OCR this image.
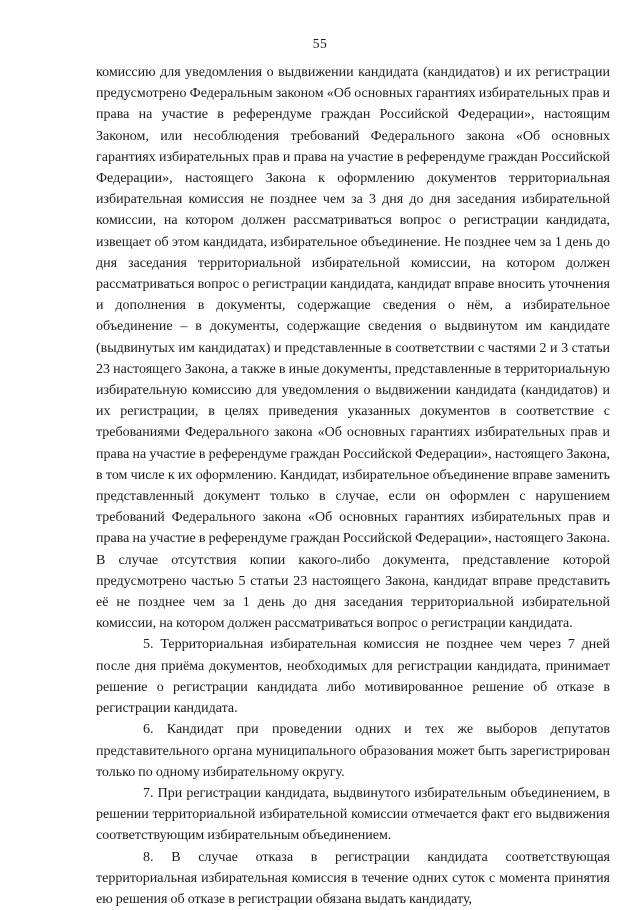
55

комиссию для уведомления о выдвижении кандидата (кандидатов) и их регистрации предусмотрено Федеральным законом «Об основных гарантиях избирательных прав и права на участие в референдуме граждан Российской Федерации», настоящим Законом, или несоблюдения требований Федерального закона «Об основных гарантиях избирательных прав и права на участие в референдуме граждан Российской Федерации», настоящего Закона к оформлению документов территориальная избирательная комиссия не позднее чем за 3 дня до дня заседания избирательной комиссии, на котором должен рассматриваться вопрос о регистрации кандидата, извещает об этом кандидата, избирательное объединение. Не позднее чем за 1 день до дня заседания территориальной избирательной комиссии, на котором должен рассматриваться вопрос о регистрации кандидата, кандидат вправе вносить уточнения и дополнения в документы, содержащие сведения о нём, а избирательное объединение – в документы, содержащие сведения о выдвинутом им кандидате (выдвинутых им кандидатах) и представленные в соответствии с частями 2 и 3 статьи 23 настоящего Закона, а также в иные документы, представленные в территориальную избирательную комиссию для уведомления о выдвижении кандидата (кандидатов) и их регистрации, в целях приведения указанных документов в соответствие с требованиями Федерального закона «Об основных гарантиях избирательных прав и права на участие в референдуме граждан Российской Федерации», настоящего Закона, в том числе к их оформлению. Кандидат, избирательное объединение вправе заменить представленный документ только в случае, если он оформлен с нарушением требований Федерального закона «Об основных гарантиях избирательных прав и права на участие в референдуме граждан Российской Федерации», настоящего Закона. В случае отсутствия копии какого-либо документа, представление которой предусмотрено частью 5 статьи 23 настоящего Закона, кандидат вправе представить её не позднее чем за 1 день до дня заседания территориальной избирательной комиссии, на котором должен рассматриваться вопрос о регистрации кандидата.

5. Территориальная избирательная комиссия не позднее чем через 7 дней после дня приёма документов, необходимых для регистрации кандидата, принимает решение о регистрации кандидата либо мотивированное решение об отказе в регистрации кандидата.

6. Кандидат при проведении одних и тех же выборов депутатов представительного органа муниципального образования может быть зарегистрирован только по одному избирательному округу.

7. При регистрации кандидата, выдвинутого избирательным объединением, в решении территориальной избирательной комиссии отмечается факт его выдвижения соответствующим избирательным объединением.

8. В случае отказа в регистрации кандидата соответствующая территориальная избирательная комиссия в течение одних суток с момента принятия ею решения об отказе в регистрации обязана выдать кандидату,
